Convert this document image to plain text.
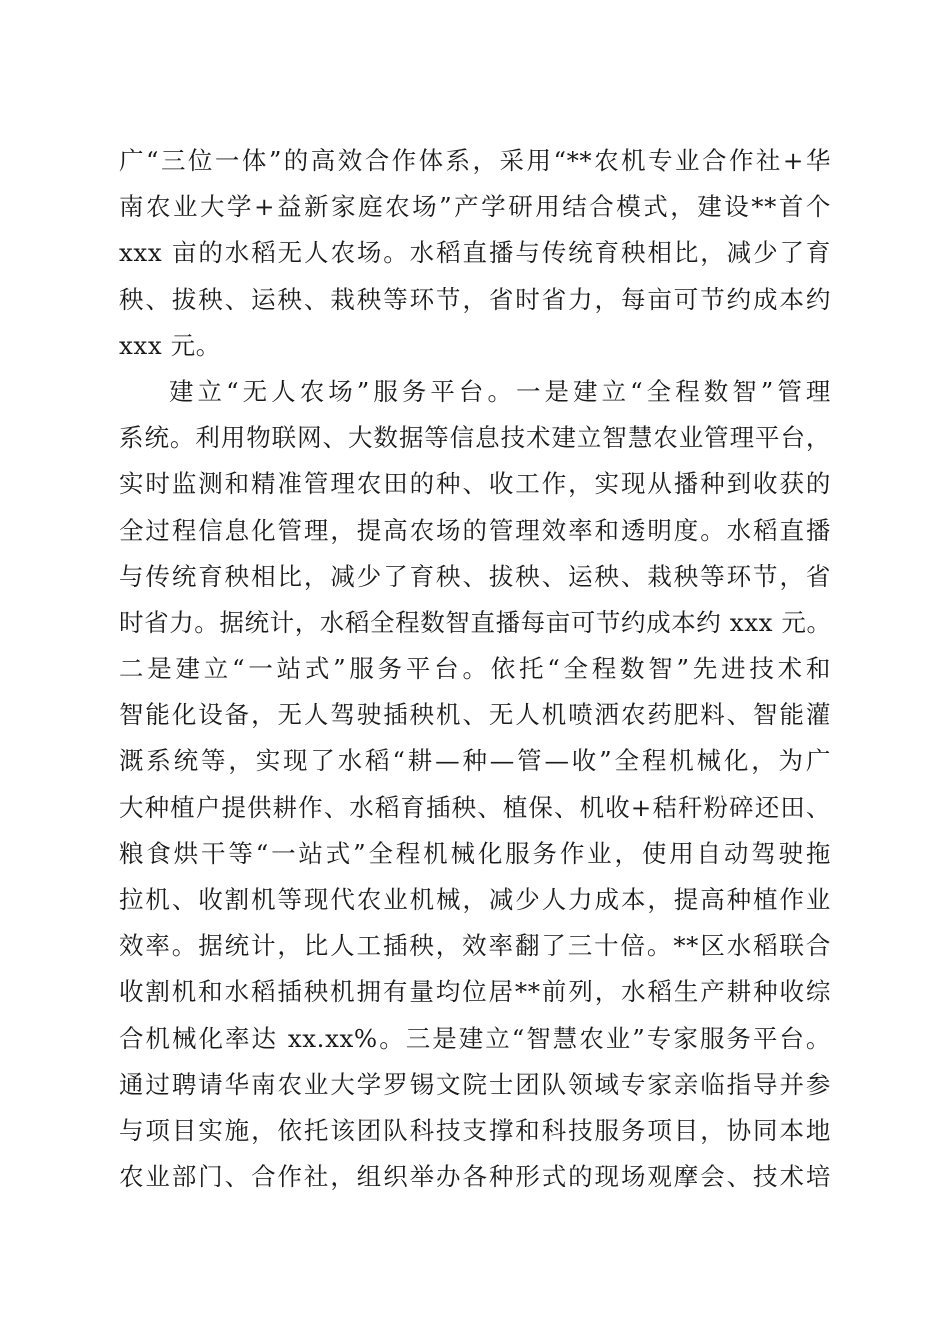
广“三位一体”的高效合作体系，采用“**农机专业合作社+华
南农业大学+益新家庭农场”产学研用结合模式，建设**首个
xxx 亩的水稻无人农场。水稻直播与传统育秧相比，减少了育
秧、拔秧、运秧、栽秧等环节，省时省力，每亩可节约成本约
xxx 元。
建立“无人农场”服务平台。一是建立“全程数智”管理
系统。利用物联网、大数据等信息技术建立智慧农业管理平台，
实时监测和精准管理农田的种、收工作，实现从播种到收获的
全过程信息化管理，提高农场的管理效率和透明度。水稻直播
与传统育秧相比，减少了育秧、拔秧、运秧、栽秧等环节，省
时省力。据统计，水稻全程数智直播每亩可节约成本约 xxx 元。
二是建立“一站式”服务平台。依托“全程数智”先进技术和
智能化设备，无人驾驶插秧机、无人机喷洒农药肥料、智能灌
溉系统等，实现了水稻“耕—种—管—收”全程机械化，为广
大种植户提供耕作、水稻育插秧、植保、机收+秸秆粉碎还田、
粮食烘干等“一站式”全程机械化服务作业，使用自动驾驶拖
拉机、收割机等现代农业机械，减少人力成本，提高种植作业
效率。据统计，比人工插秧，效率翻了三十倍。**区水稻联合
收割机和水稻插秧机拥有量均位居**前列，水稻生产耕种收综
合机械化率达 xx.xx%。三是建立“智慧农业”专家服务平台。
通过聘请华南农业大学罗锡文院士团队领域专家亲临指导并参
与项目实施，依托该团队科技支撑和科技服务项目，协同本地
农业部门、合作社，组织举办各种形式的现场观摩会、技术培
